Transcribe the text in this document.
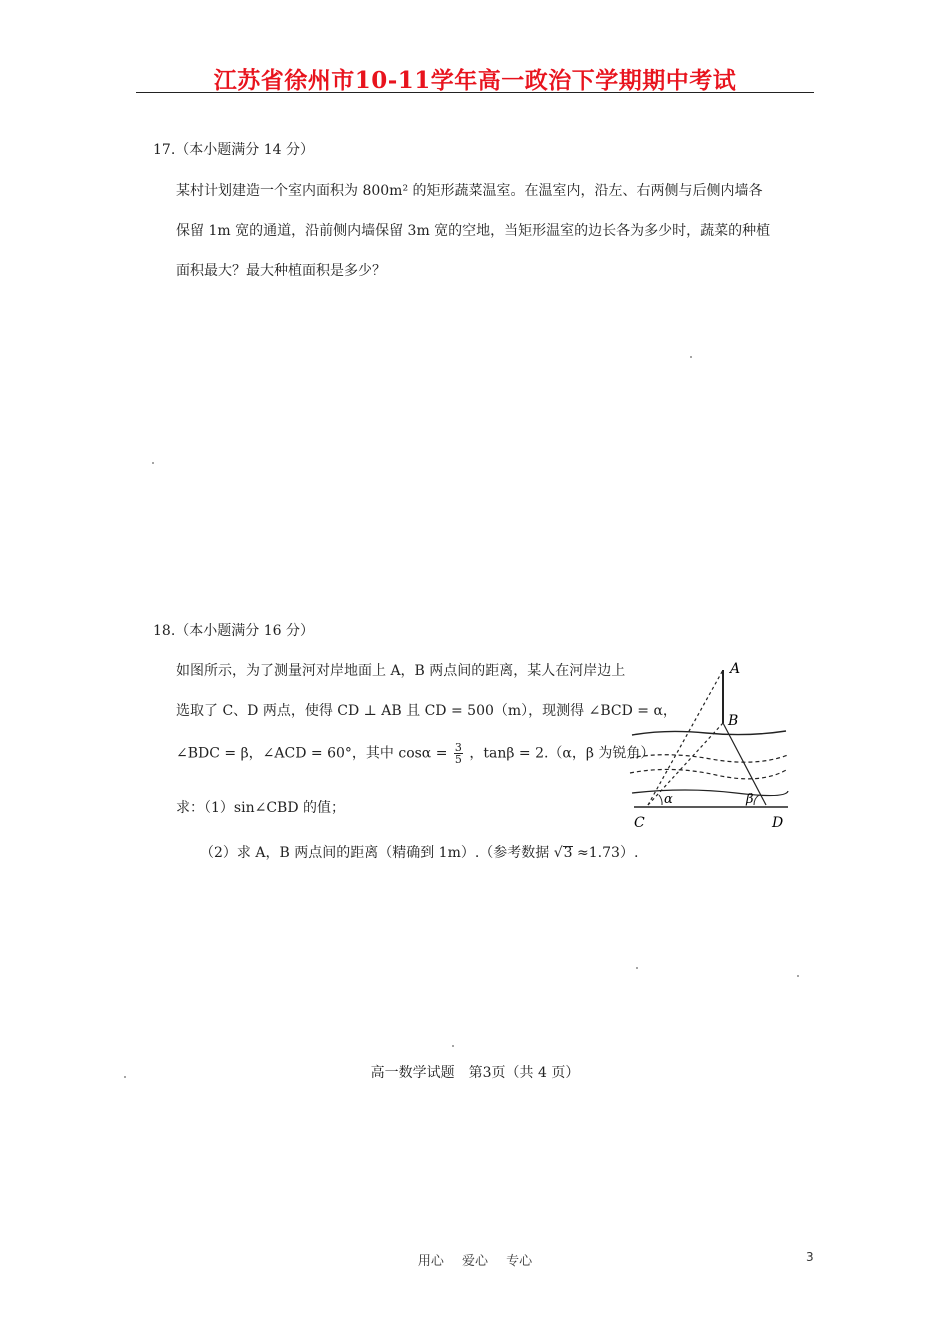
江苏省徐州市10-11学年高一政治下学期期中考试
17.（本小题满分 14 分）
某村计划建造一个室内面积为 800m² 的矩形蔬菜温室。在温室内，沿左、右两侧与后侧内墙各
保留 1m 宽的通道，沿前侧内墙保留 3m 宽的空地，当矩形温室的边长各为多少时，蔬菜的种植
面积最大？最大种植面积是多少？
18.（本小题满分 16 分）
如图所示，为了测量河对岸地面上 A，B 两点间的距离，某人在河岸边上
选取了 C、D 两点，使得 CD ⊥ AB 且 CD = 500（m），现测得 ∠BCD = α，
∠BDC = β，∠ACD = 60°，其中 $\cos\alpha = \frac{3}{5}$ ，tanβ = 2.（α，β 为锐角）
求：（1）sin∠CBD 的值；
（2）求 A，B 两点间的距离（精确到 1m）.（参考数据 √3 ≈1.73）.
A
B
C	D
α	β
高一数学试题　第3页（共 4 页）
用心 爱心 专心	3
